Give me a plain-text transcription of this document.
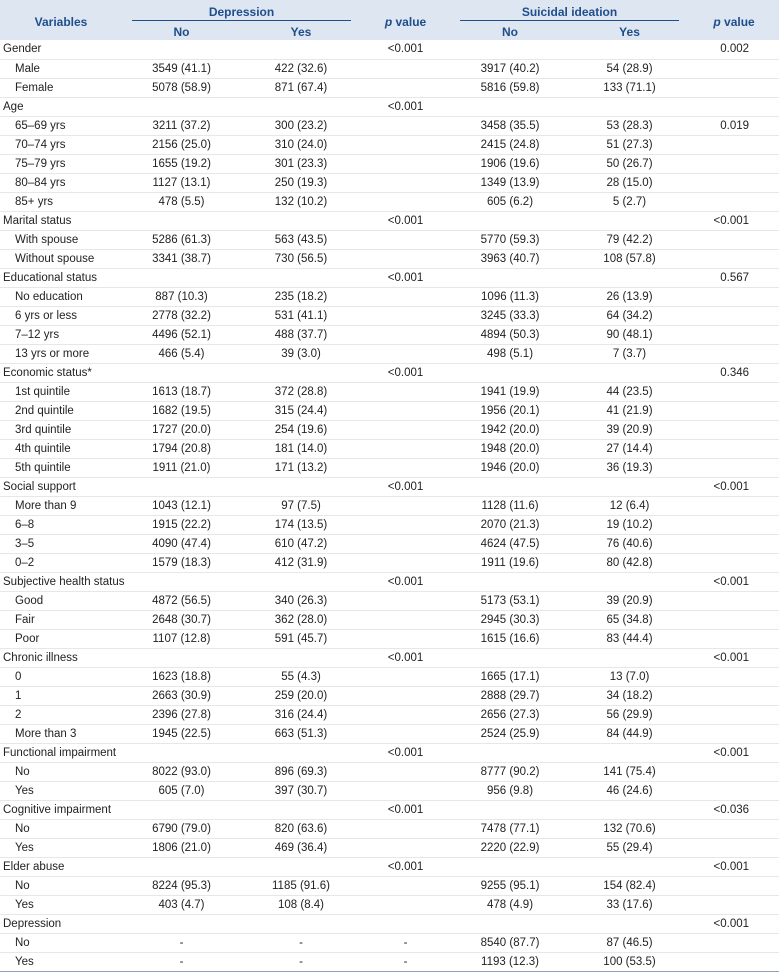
Variables	Depression		p value	Suicidal ideation		p value
	No	Yes		No	Yes	
Gender			<0.001			0.002
Male	3549 (41.1)	422 (32.6)		3917 (40.2)	54 (28.9)	
Female	5078 (58.9)	871 (67.4)		5816 (59.8)	133 (71.1)	
Age			<0.001			
65–69 yrs	3211 (37.2)	300 (23.2)		3458 (35.5)	53 (28.3)	0.019
70–74 yrs	2156 (25.0)	310 (24.0)		2415 (24.8)	51 (27.3)	
75–79 yrs	1655 (19.2)	301 (23.3)		1906 (19.6)	50 (26.7)	
80–84 yrs	1127 (13.1)	250 (19.3)		1349 (13.9)	28 (15.0)	
85+ yrs	478 (5.5)	132 (10.2)		605 (6.2)	5 (2.7)	
Marital status			<0.001			<0.001
With spouse	5286 (61.3)	563 (43.5)		5770 (59.3)	79 (42.2)	
Without spouse	3341 (38.7)	730 (56.5)		3963 (40.7)	108 (57.8)	
Educational status			<0.001			0.567
No education	887 (10.3)	235 (18.2)		1096 (11.3)	26 (13.9)	
6 yrs or less	2778 (32.2)	531 (41.1)		3245 (33.3)	64 (34.2)	
7–12 yrs	4496 (52.1)	488 (37.7)		4894 (50.3)	90 (48.1)	
13 yrs or more	466 (5.4)	39 (3.0)		498 (5.1)	7 (3.7)	
Economic status*			<0.001			0.346
1st quintile	1613 (18.7)	372 (28.8)		1941 (19.9)	44 (23.5)	
2nd quintile	1682 (19.5)	315 (24.4)		1956 (20.1)	41 (21.9)	
3rd quintile	1727 (20.0)	254 (19.6)		1942 (20.0)	39 (20.9)	
4th quintile	1794 (20.8)	181 (14.0)		1948 (20.0)	27 (14.4)	
5th quintile	1911 (21.0)	171 (13.2)		1946 (20.0)	36 (19.3)	
Social support			<0.001			<0.001
More than 9	1043 (12.1)	97 (7.5)		1128 (11.6)	12 (6.4)	
6–8	1915 (22.2)	174 (13.5)		2070 (21.3)	19 (10.2)	
3–5	4090 (47.4)	610 (47.2)		4624 (47.5)	76 (40.6)	
0–2	1579 (18.3)	412 (31.9)		1911 (19.6)	80 (42.8)	
Subjective health status			<0.001			<0.001
Good	4872 (56.5)	340 (26.3)		5173 (53.1)	39 (20.9)	
Fair	2648 (30.7)	362 (28.0)		2945 (30.3)	65 (34.8)	
Poor	1107 (12.8)	591 (45.7)		1615 (16.6)	83 (44.4)	
Chronic illness			<0.001			<0.001
0	1623 (18.8)	55 (4.3)		1665 (17.1)	13 (7.0)	
1	2663 (30.9)	259 (20.0)		2888 (29.7)	34 (18.2)	
2	2396 (27.8)	316 (24.4)		2656 (27.3)	56 (29.9)	
More than 3	1945 (22.5)	663 (51.3)		2524 (25.9)	84 (44.9)	
Functional impairment			<0.001			<0.001
No	8022 (93.0)	896 (69.3)		8777 (90.2)	141 (75.4)	
Yes	605 (7.0)	397 (30.7)		956 (9.8)	46 (24.6)	
Cognitive impairment			<0.001			<0.036
No	6790 (79.0)	820 (63.6)		7478 (77.1)	132 (70.6)	
Yes	1806 (21.0)	469 (36.4)		2220 (22.9)	55 (29.4)	
Elder abuse			<0.001			<0.001
No	8224 (95.3)	1185 (91.6)		9255 (95.1)	154 (82.4)	
Yes	403 (4.7)	108 (8.4)		478 (4.9)	33 (17.6)	
Depression						<0.001
No	-	-	-	8540 (87.7)	87 (46.5)	
Yes	-	-	-	1193 (12.3)	100 (53.5)	
